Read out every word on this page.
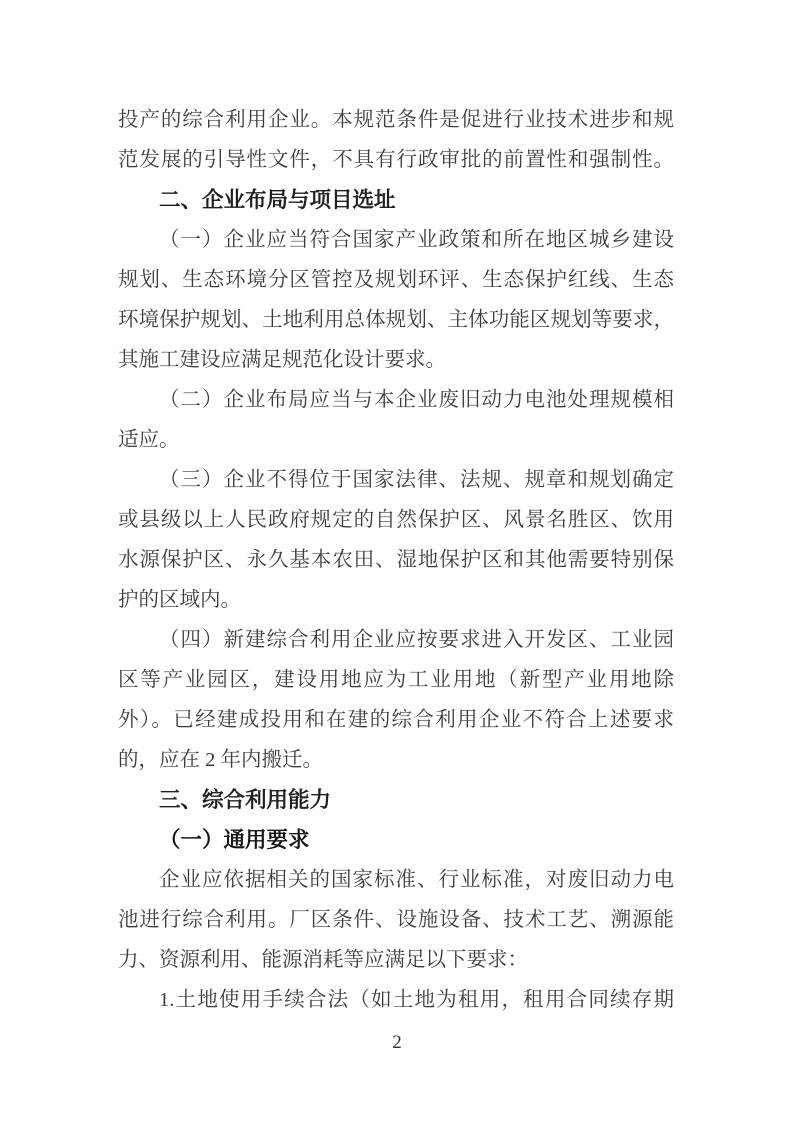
投产的综合利用企业。本规范条件是促进行业技术进步和规
范发展的引导性文件，不具有行政审批的前置性和强制性。
二、企业布局与项目选址
（一）企业应当符合国家产业政策和所在地区城乡建设
规划、生态环境分区管控及规划环评、生态保护红线、生态
环境保护规划、土地利用总体规划、主体功能区规划等要求，
其施工建设应满足规范化设计要求。
（二）企业布局应当与本企业废旧动力电池处理规模相
适应。
（三）企业不得位于国家法律、法规、规章和规划确定
或县级以上人民政府规定的自然保护区、风景名胜区、饮用
水源保护区、永久基本农田、湿地保护区和其他需要特别保
护的区域内。
（四）新建综合利用企业应按要求进入开发区、工业园
区等产业园区，建设用地应为工业用地（新型产业用地除
外）。已经建成投用和在建的综合利用企业不符合上述要求
的，应在 2 年内搬迁。
三、综合利用能力
（一）通用要求
企业应依据相关的国家标准、行业标准，对废旧动力电
池进行综合利用。厂区条件、设施设备、技术工艺、溯源能
力、资源利用、能源消耗等应满足以下要求：
1.土地使用手续合法（如土地为租用，租用合同续存期
2
